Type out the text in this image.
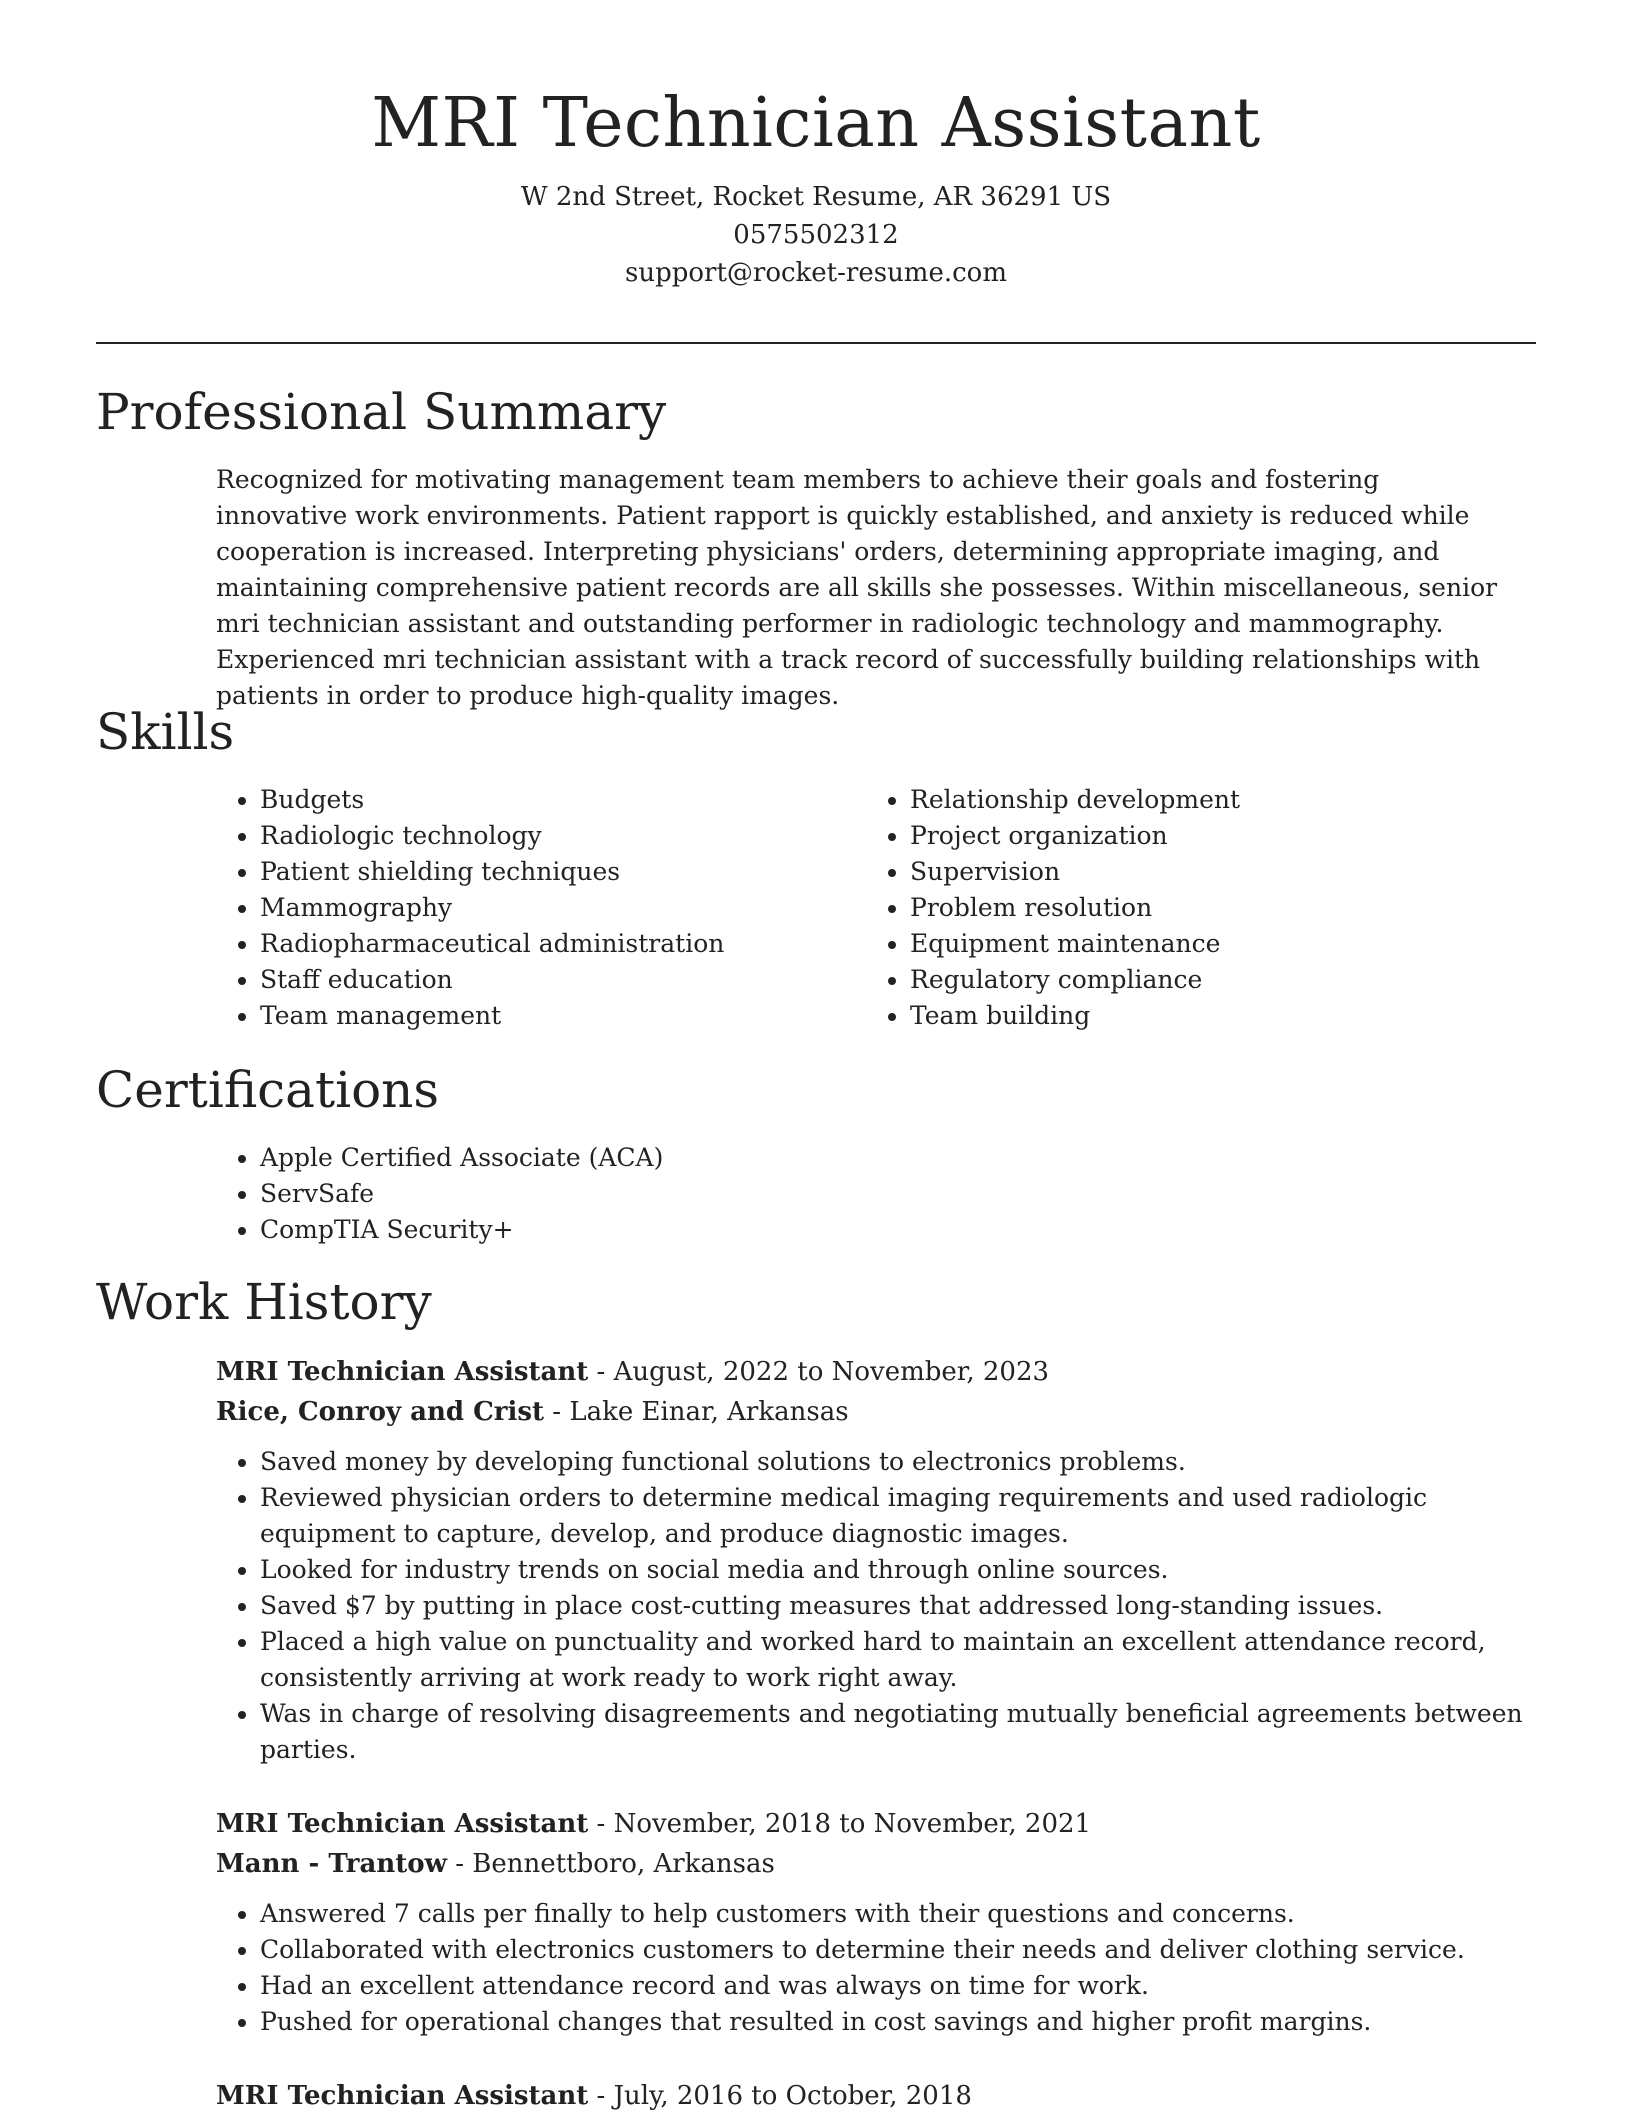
MRI Technician Assistant
W 2nd Street, Rocket Resume, AR 36291 US
0575502312
support@rocket-resume.com
Professional Summary

Recognized for motivating management team members to achieve their goals and fostering innovative work environments. Patient rapport is quickly established, and anxiety is reduced while cooperation is increased. Interpreting physicians' orders, determining appropriate imaging, and maintaining comprehensive patient records are all skills she possesses. Within miscellaneous, senior mri technician assistant and outstanding performer in radiologic technology and mammography. Experienced mri technician assistant with a track record of successfully building relationships with patients in order to produce high-quality images.

Skills
• Budgets
• Radiologic technology
• Patient shielding techniques
• Mammography
• Radiopharmaceutical administration
• Staff education
• Team management
• Relationship development
• Project organization
• Supervision
• Problem resolution
• Equipment maintenance
• Regulatory compliance
• Team building
Certifications
• Apple Certified Associate (ACA)
• ServSafe
• CompTIA Security+
Work History
MRI Technician Assistant - August, 2022 to November, 2023
Rice, Conroy and Crist - Lake Einar, Arkansas
• Saved money by developing functional solutions to electronics problems.
• Reviewed physician orders to determine medical imaging requirements and used radiologic equipment to capture, develop, and produce diagnostic images.
• Looked for industry trends on social media and through online sources.
• Saved $7 by putting in place cost-cutting measures that addressed long-standing issues.
• Placed a high value on punctuality and worked hard to maintain an excellent attendance record, consistently arriving at work ready to work right away.
• Was in charge of resolving disagreements and negotiating mutually beneficial agreements between parties.
MRI Technician Assistant - November, 2018 to November, 2021
Mann - Trantow - Bennettboro, Arkansas
• Answered 7 calls per finally to help customers with their questions and concerns.
• Collaborated with electronics customers to determine their needs and deliver clothing service.
• Had an excellent attendance record and was always on time for work.
• Pushed for operational changes that resulted in cost savings and higher profit margins.
MRI Technician Assistant - July, 2016 to October, 2018
